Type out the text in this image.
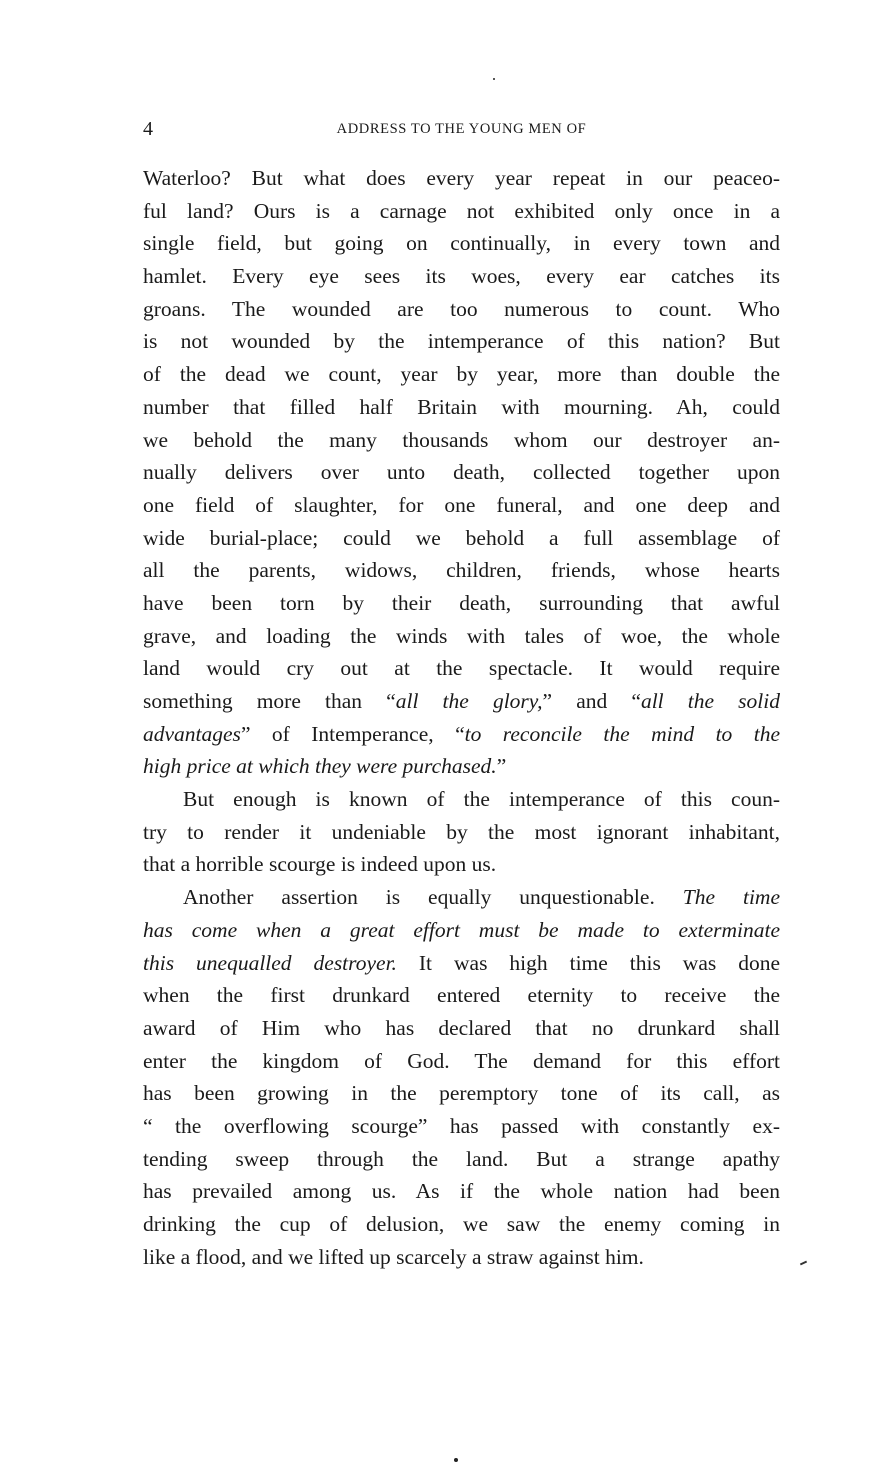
4	ADDRESS TO THE YOUNG MEN OF
Waterloo? But what does every year repeat in our peaceo-
ful land? Ours is a carnage not exhibited only once in a
single field, but going on continually, in every town and
hamlet. Every eye sees its woes, every ear catches its
groans. The wounded are too numerous to count. Who
is not wounded by the intemperance of this nation? But
of the dead we count, year by year, more than double the
number that filled half Britain with mourning. Ah, could
we behold the many thousands whom our destroyer an-
nually delivers over unto death, collected together upon
one field of slaughter, for one funeral, and one deep and
wide burial-place; could we behold a full assemblage of
all the parents, widows, children, friends, whose hearts
have been torn by their death, surrounding that awful
grave, and loading the winds with tales of woe, the whole
land would cry out at the spectacle. It would require
something more than “all the glory,” and “all the solid
advantages” of Intemperance, “to reconcile the mind to the
high price at which they were purchased.”
But enough is known of the intemperance of this coun-
try to render it undeniable by the most ignorant inhabitant,
that a horrible scourge is indeed upon us.
Another assertion is equally unquestionable. The time
has come when a great effort must be made to exterminate
this unequalled destroyer. It was high time this was done
when the first drunkard entered eternity to receive the
award of Him who has declared that no drunkard shall
enter the kingdom of God. The demand for this effort
has been growing in the peremptory tone of its call, as
“ the overflowing scourge” has passed with constantly ex-
tending sweep through the land. But a strange apathy
has prevailed among us. As if the whole nation had been
drinking the cup of delusion, we saw the enemy coming in
like a flood, and we lifted up scarcely a straw against him.
